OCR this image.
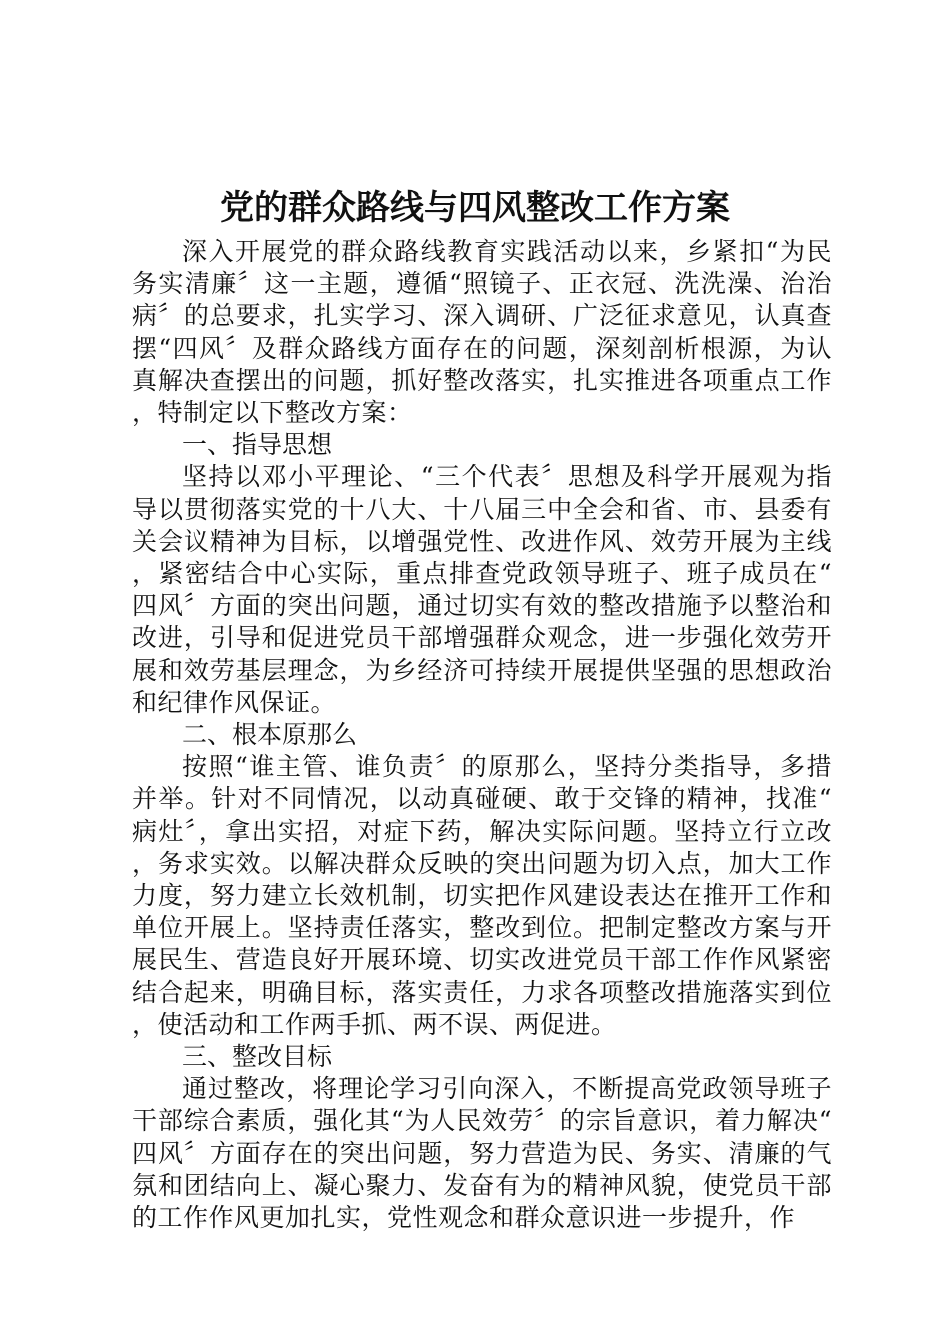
党的群众路线与四风整改工作方案

深入开展党的群众路线教育实践活动以来，乡紧扣“为民务实清廉〞这一主题，遵循“照镜子、正衣冠、洗洗澡、治治病〞的总要求，扎实学习、深入调研、广泛征求意见，认真查摆“四风〞及群众路线方面存在的问题，深刻剖析根源，为认真解决查摆出的问题，抓好整改落实，扎实推进各项重点工作，特制定以下整改方案：

一、指导思想

坚持以邓小平理论、“三个代表〞思想及科学开展观为指导以贯彻落实党的十八大、十八届三中全会和省、市、县委有关会议精神为目标，以增强党性、改进作风、效劳开展为主线，紧密结合中心实际，重点排查党政领导班子、班子成员在“四风〞方面的突出问题，通过切实有效的整改措施予以整治和改进，引导和促进党员干部增强群众观念，进一步强化效劳开展和效劳基层理念，为乡经济可持续开展提供坚强的思想政治和纪律作风保证。

二、根本原那么

按照“谁主管、谁负责〞的原那么，坚持分类指导，多措并举。针对不同情况，以动真碰硬、敢于交锋的精神，找准“病灶〞，拿出实招，对症下药，解决实际问题。坚持立行立改，务求实效。以解决群众反映的突出问题为切入点，加大工作力度，努力建立长效机制，切实把作风建设表达在推开工作和单位开展上。坚持责任落实，整改到位。把制定整改方案与开展民生、营造良好开展环境、切实改进党员干部工作作风紧密结合起来，明确目标，落实责任，力求各项整改措施落实到位，使活动和工作两手抓、两不误、两促进。

三、整改目标

通过整改，将理论学习引向深入，不断提高党政领导班子干部综合素质，强化其“为人民效劳〞的宗旨意识，着力解决“四风〞方面存在的突出问题，努力营造为民、务实、清廉的气氛和团结向上、凝心聚力、发奋有为的精神风貌，使党员干部的工作作风更加扎实，党性观念和群众意识进一步提升，作
